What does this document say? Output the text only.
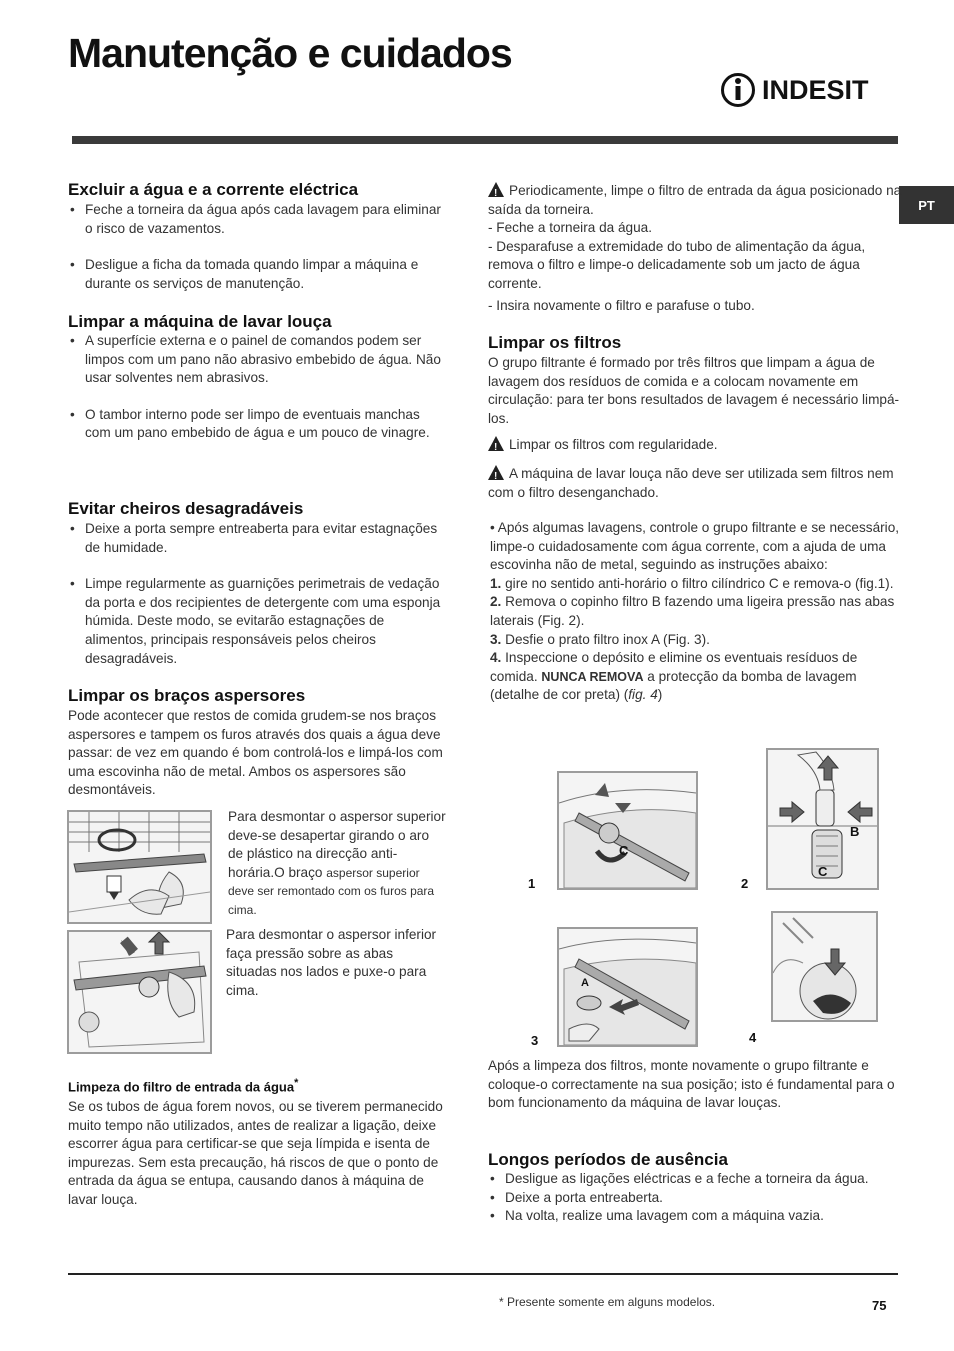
Manutenção e cuidados
INDESIT
PT
Excluir a água e a corrente eléctrica
• Feche a torneira da água após cada lavagem para eliminar o risco de vazamentos.
• Desligue a ficha da tomada quando limpar a máquina e durante os serviços de manutenção.
Limpar a máquina de lavar louça
• A superfície externa e o painel de comandos podem ser limpos com um pano não abrasivo embebido de água. Não usar solventes nem abrasivos.
• O tambor interno pode ser limpo de eventuais manchas com um pano embebido de água e um pouco de vinagre.
Evitar cheiros desagradáveis
• Deixe a porta sempre entreaberta para evitar estagnações de humidade.
• Limpe regularmente as guarnições perimetrais de vedação da porta e dos recipientes de detergente com uma esponja húmida. Deste modo, se evitarão estagnações de alimentos, principais responsáveis pelos cheiros desagradáveis.
Limpar os braços aspersores
Pode acontecer que restos de comida grudem-se nos braços aspersores e tampem os furos através dos quais a água deve passar: de vez em quando é bom controlá-los e limpá-los com uma escovinha não de metal. Ambos os aspersores são desmontáveis.
Para desmontar o aspersor superior deve-se desapertar girando o aro de plástico na direcção anti-horária.O braço aspersor superior deve ser remontado com os furos para cima.
Para desmontar o aspersor inferior faça pressão sobre as abas situadas nos lados e puxe-o para cima.
Limpeza do filtro de entrada da água*
Se os tubos de água forem novos, ou se tiverem permanecido muito tempo não utilizados, antes de realizar a ligação, deixe escorrer água para certificar-se que seja límpida e isenta de impurezas. Sem esta precaução, há riscos de que o ponto de entrada da água se entupa, causando danos à máquina de lavar louça.
!Periodicamente, limpe o filtro de entrada da água posicionado na saída da torneira.
- Feche a torneira da água.
- Desparafuse a extremidade do tubo de alimentação da água, remova o filtro e limpe-o delicadamente sob um jacto de água corrente.
- Insira novamente o filtro e parafuse o tubo.
Limpar os filtros
O grupo filtrante é formado por três filtros que limpam a água de lavagem dos resíduos de comida e a colocam novamente em circulação: para ter bons resultados de lavagem é necessário limpá-los.
!Limpar os filtros com regularidade.
!A máquina de lavar louça não deve ser utilizada sem filtros nem com o filtro desenganchado.
• Após algumas lavagens, controle o grupo filtrante e se necessário, limpe-o cuidadosamente com água corrente, com a ajuda de uma escovinha não de metal, seguindo as instruções abaixo:
1. gire no sentido anti-horário o filtro cilíndrico C e remova-o (fig.1).
2. Remova o copinho filtro B fazendo uma ligeira pressão nas abas laterais (Fig. 2).
3. Desfie o prato filtro inox A (Fig. 3).
4. Inspeccione o depósito e elimine os eventuais resíduos de comida. NUNCA REMOVA a protecção da bomba de lavagem (detalhe de cor preta) (fig. 4)
C
1
B
C
2
A
3	4
Após a limpeza dos filtros, monte novamente o grupo filtrante e coloque-o correctamente na sua posição; isto é fundamental para o bom funcionamento da máquina de lavar louças.
Longos períodos de ausência
• Desligue as ligações eléctricas e a feche a torneira da água.
• Deixe a porta entreaberta.
• Na volta, realize uma lavagem com a máquina vazia.
* Presente somente em alguns modelos.	75
